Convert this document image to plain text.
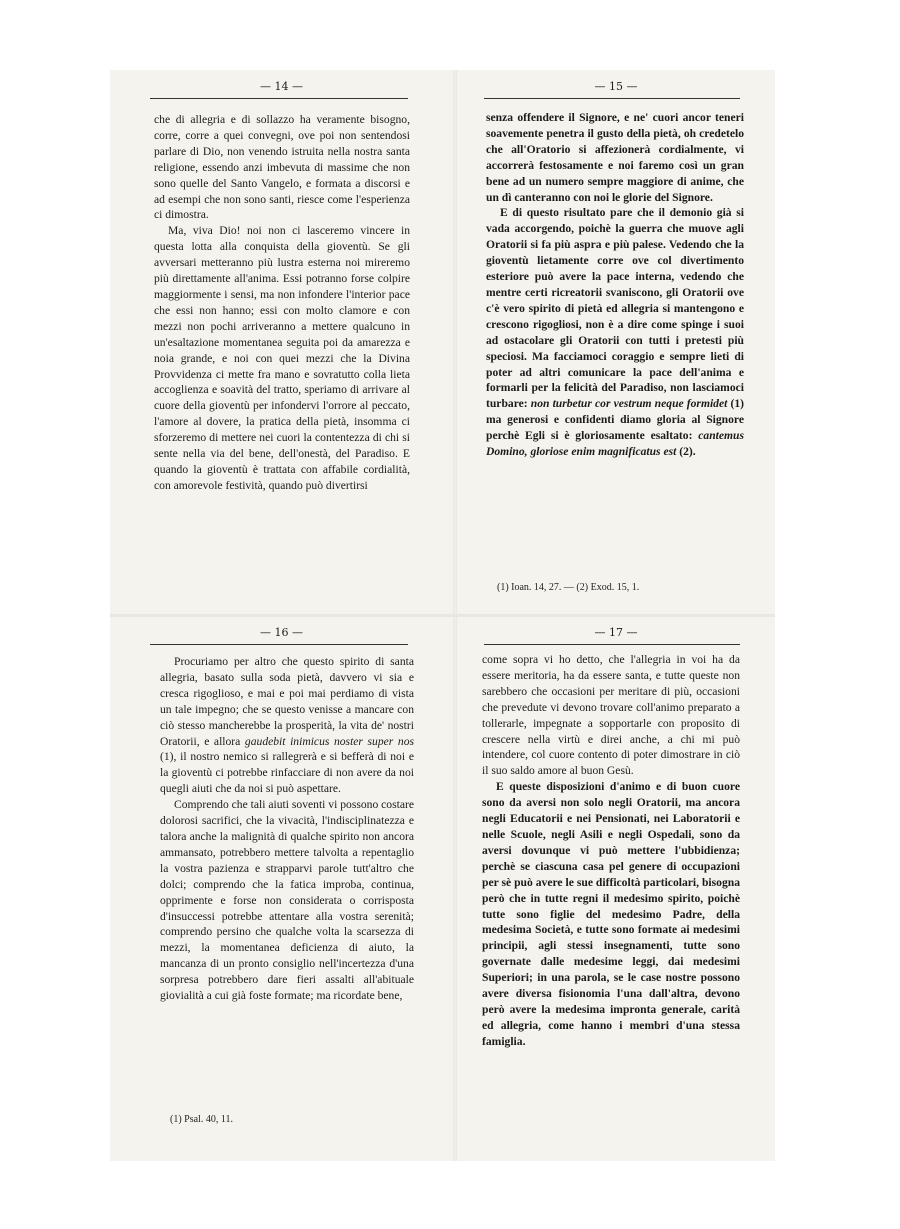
— 14 —

che di allegria e di sollazzo ha veramente bisogno, corre, corre a quei convegni, ove poi non sentendosi parlare di Dio, non venendo istruita nella nostra santa religione, essendo anzi imbevuta di massime che non sono quelle del Santo Vangelo, e formata a discorsi e ad esempi che non sono santi, riesce come l'esperienza ci dimostra.

Ma, viva Dio! noi non ci lasceremo vincere in questa lotta alla conquista della gioventù. Se gli avversari metteranno più lustra esterna noi mireremo più direttamente all'anima. Essi potranno forse colpire maggiormente i sensi, ma non infondere l'interior pace che essi non hanno; essi con molto clamore e con mezzi non pochi arriveranno a mettere qualcuno in un'esaltazione momentanea seguita poi da amarezza e noia grande, e noi con quei mezzi che la Divina Provvidenza ci mette fra mano e sovratutto colla lieta accoglienza e soavità del tratto, speriamo di arrivare al cuore della gioventù per infondervi l'orrore al peccato, l'amore al dovere, la pratica della pietà, insomma ci sforzeremo di mettere nei cuori la contentezza di chi si sente nella via del bene, dell'onestà, del Paradiso. E quando la gioventù è trattata con affabile cordialità, con amorevole festività, quando può divertirsi

— 15 —

senza offendere il Signore, e ne' cuori ancor teneri soavemente penetra il gusto della pietà, oh credetelo che all'Oratorio si affezionerà cordialmente, vi accorrerà festosamente e noi faremo così un gran bene ad un numero sempre maggiore di anime, che un dì canteranno con noi le glorie del Signore.

E di questo risultato pare che il demonio già si vada accorgendo, poichè la guerra che muove agli Oratorii si fa più aspra e più palese. Vedendo che la gioventù lietamente corre ove col divertimento esteriore può avere la pace interna, vedendo che mentre certi ricreatorii svaniscono, gli Oratorii ove c'è vero spirito di pietà ed allegria si mantengono e crescono rigogliosi, non è a dire come spinge i suoi ad ostacolare gli Oratorii con tutti i pretesti più speciosi. Ma facciamoci coraggio e sempre lieti di poter ad altri comunicare la pace dell'anima e formarli per la felicità del Paradiso, non lasciamoci turbare: non turbetur cor vestrum neque formidet (1) ma generosi e confidenti diamo gloria al Signore perchè Egli si è gloriosamente esaltato: cantemus Domino, gloriose enim magnificatus est (2).

(1) Ioan. 14, 27. — (2) Exod. 15, 1.
— 16 —

Procuriamo per altro che questo spirito di santa allegria, basato sulla soda pietà, davvero vi sia e cresca rigoglioso, e mai e poi mai perdiamo di vista un tale impegno; che se questo venisse a mancare con ciò stesso mancherebbe la prosperità, la vita de' nostri Oratorii, e allora gaudebit inimicus noster super nos (1), il nostro nemico si rallegrerà e si befferà di noi e la gioventù ci potrebbe rinfacciare di non avere da noi quegli aiuti che da noi si può aspettare.

Comprendo che tali aiuti soventi vi possono costare dolorosi sacrifici, che la vivacità, l'indisciplinatezza e talora anche la malignità di qualche spirito non ancora ammansato, potrebbero mettere talvolta a repentaglio la vostra pazienza e strapparvi parole tutt'altro che dolci; comprendo che la fatica improba, continua, opprimente e forse non considerata o corrisposta d'insuccessi potrebbe attentare alla vostra serenità; comprendo persino che qualche volta la scarsezza di mezzi, la momentanea deficienza di aiuto, la mancanza di un pronto consiglio nell'incertezza d'una sorpresa potrebbero dare fieri assalti all'abituale giovialità a cui già foste formate; ma ricordate bene,

(1) Psal. 40, 11.
— 17 —

come sopra vi ho detto, che l'allegria in voi ha da essere meritoria, ha da essere santa, e tutte queste non sarebbero che occasioni per meritare di più, occasioni che prevedute vi devono trovare coll'animo preparato a tollerarle, impegnate a sopportarle con proposito di crescere nella virtù e direi anche, a chi mi può intendere, col cuore contento di poter dimostrare in ciò il suo saldo amore al buon Gesù.

E queste disposizioni d'animo e di buon cuore sono da aversi non solo negli Oratorii, ma ancora negli Educatorii e nei Pensionati, nei Laboratorii e nelle Scuole, negli Asili e negli Ospedali, sono da aversi dovunque vi può mettere l'ubbidienza; perchè se ciascuna casa pel genere di occupazioni per sè può avere le sue difficoltà particolari, bisogna però che in tutte regni il medesimo spirito, poichè tutte sono figlie del medesimo Padre, della medesima Società, e tutte sono formate ai medesimi principii, agli stessi insegnamenti, tutte sono governate dalle medesime leggi, dai medesimi Superiori; in una parola, se le case nostre possono avere diversa fisionomia l'una dall'altra, devono però avere la medesima impronta generale, carità ed allegria, come hanno i membri d'una stessa famiglia.
